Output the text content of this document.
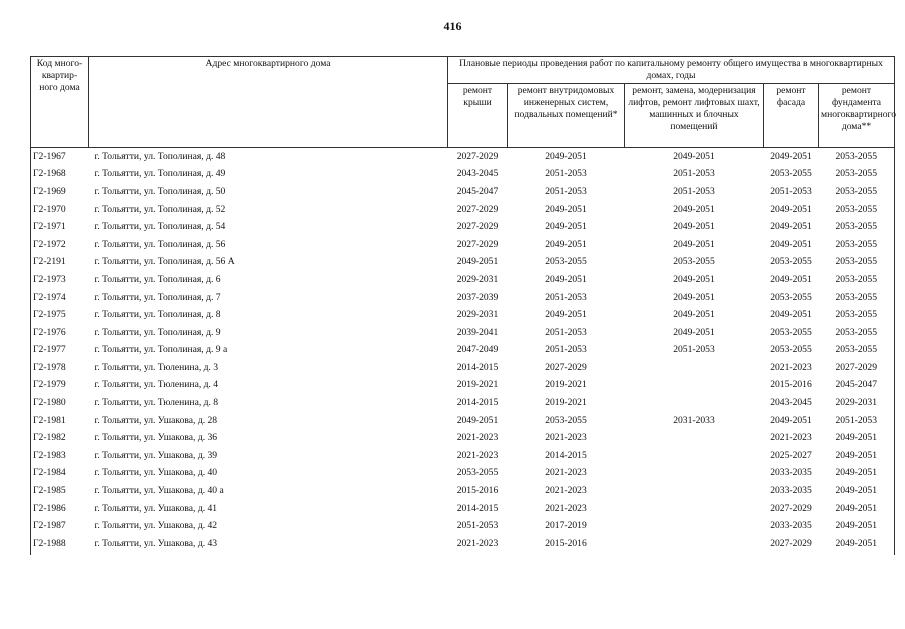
416
Код много-квартир-ного дома	Адрес многоквартирного дома	Плановые периоды проведения работ по капитальному ремонту общего имущества в многоквартирных домах, годы				
		ремонт крыши	ремонт внутридомовых инженерных систем, подвальных помещений*	ремонт, замена, модернизация лифтов, ремонт лифтовых шахт, машинных и блочных помещений	ремонт фасада	ремонт фундамента многоквартирного дома**
Г2-1967	г. Тольятти, ул. Тополиная, д. 48	2027-2029	2049-2051	2049-2051	2049-2051	2053-2055
Г2-1968	г. Тольятти, ул. Тополиная, д. 49	2043-2045	2051-2053	2051-2053	2053-2055	2053-2055
Г2-1969	г. Тольятти, ул. Тополиная, д. 50	2045-2047	2051-2053	2051-2053	2051-2053	2053-2055
Г2-1970	г. Тольятти, ул. Тополиная, д. 52	2027-2029	2049-2051	2049-2051	2049-2051	2053-2055
Г2-1971	г. Тольятти, ул. Тополиная, д. 54	2027-2029	2049-2051	2049-2051	2049-2051	2053-2055
Г2-1972	г. Тольятти, ул. Тополиная, д. 56	2027-2029	2049-2051	2049-2051	2049-2051	2053-2055
Г2-2191	г. Тольятти, ул. Тополиная, д. 56 А	2049-2051	2053-2055	2053-2055	2053-2055	2053-2055
Г2-1973	г. Тольятти, ул. Тополиная, д. 6	2029-2031	2049-2051	2049-2051	2049-2051	2053-2055
Г2-1974	г. Тольятти, ул. Тополиная, д. 7	2037-2039	2051-2053	2049-2051	2053-2055	2053-2055
Г2-1975	г. Тольятти, ул. Тополиная, д. 8	2029-2031	2049-2051	2049-2051	2049-2051	2053-2055
Г2-1976	г. Тольятти, ул. Тополиная, д. 9	2039-2041	2051-2053	2049-2051	2053-2055	2053-2055
Г2-1977	г. Тольятти, ул. Тополиная, д. 9 а	2047-2049	2051-2053	2051-2053	2053-2055	2053-2055
Г2-1978	г. Тольятти, ул. Тюленина, д. 3	2014-2015	2027-2029		2021-2023	2027-2029
Г2-1979	г. Тольятти, ул. Тюленина, д. 4	2019-2021	2019-2021		2015-2016	2045-2047
Г2-1980	г. Тольятти, ул. Тюленина, д. 8	2014-2015	2019-2021		2043-2045	2029-2031
Г2-1981	г. Тольятти, ул. Ушакова, д. 28	2049-2051	2053-2055	2031-2033	2049-2051	2051-2053
Г2-1982	г. Тольятти, ул. Ушакова, д. 36	2021-2023	2021-2023		2021-2023	2049-2051
Г2-1983	г. Тольятти, ул. Ушакова, д. 39	2021-2023	2014-2015		2025-2027	2049-2051
Г2-1984	г. Тольятти, ул. Ушакова, д. 40	2053-2055	2021-2023		2033-2035	2049-2051
Г2-1985	г. Тольятти, ул. Ушакова, д. 40 а	2015-2016	2021-2023		2033-2035	2049-2051
Г2-1986	г. Тольятти, ул. Ушакова, д. 41	2014-2015	2021-2023		2027-2029	2049-2051
Г2-1987	г. Тольятти, ул. Ушакова, д. 42	2051-2053	2017-2019		2033-2035	2049-2051
Г2-1988	г. Тольятти, ул. Ушакова, д. 43	2021-2023	2015-2016		2027-2029	2049-2051
